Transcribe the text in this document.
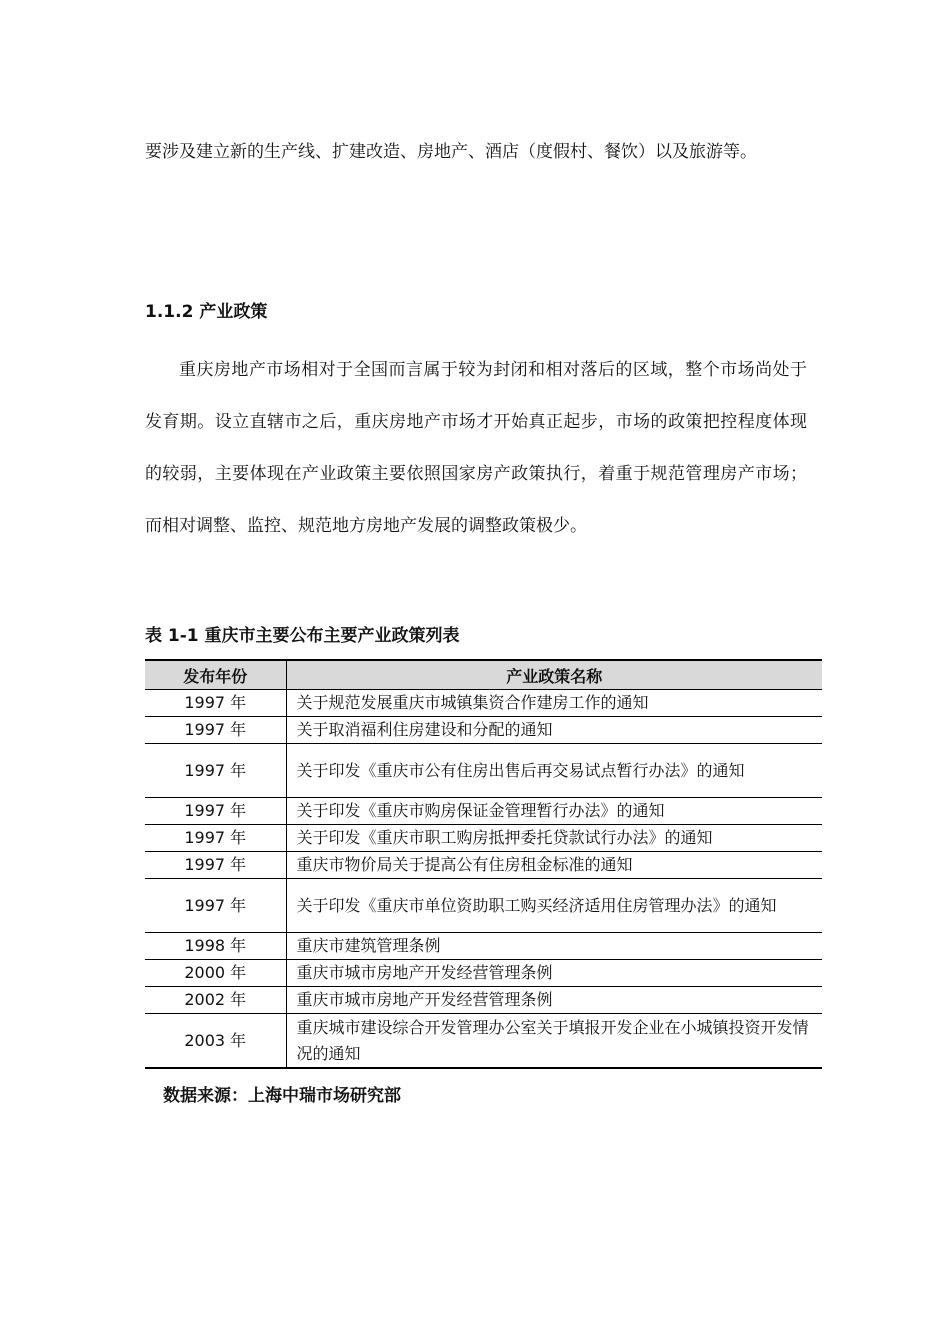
要涉及建立新的生产线、扩建改造、房地产、酒店（度假村、餐饮）以及旅游等。

1.1.2 产业政策

重庆房地产市场相对于全国而言属于较为封闭和相对落后的区域，整个市场尚处于发育期。设立直辖市之后，重庆房地产市场才开始真正起步，市场的政策把控程度体现的较弱，主要体现在产业政策主要依照国家房产政策执行，着重于规范管理房产市场；而相对调整、监控、规范地方房地产发展的调整政策极少。

表 1-1 重庆市主要公布主要产业政策列表
发布年份	产业政策名称
1997 年	关于规范发展重庆市城镇集资合作建房工作的通知
1997 年	关于取消福利住房建设和分配的通知
1997 年	关于印发《重庆市公有住房出售后再交易试点暂行办法》的通知
1997 年	关于印发《重庆市购房保证金管理暂行办法》的通知
1997 年	关于印发《重庆市职工购房抵押委托贷款试行办法》的通知
1997 年	重庆市物价局关于提高公有住房租金标准的通知
1997 年	关于印发《重庆市单位资助职工购买经济适用住房管理办法》的通知
1998 年	重庆市建筑管理条例
2000 年	重庆市城市房地产开发经营管理条例
2002 年	重庆市城市房地产开发经营管理条例
2003 年	重庆城市建设综合开发管理办公室关于填报开发企业在小城镇投资开发情况的通知
数据来源：上海中瑞市场研究部
